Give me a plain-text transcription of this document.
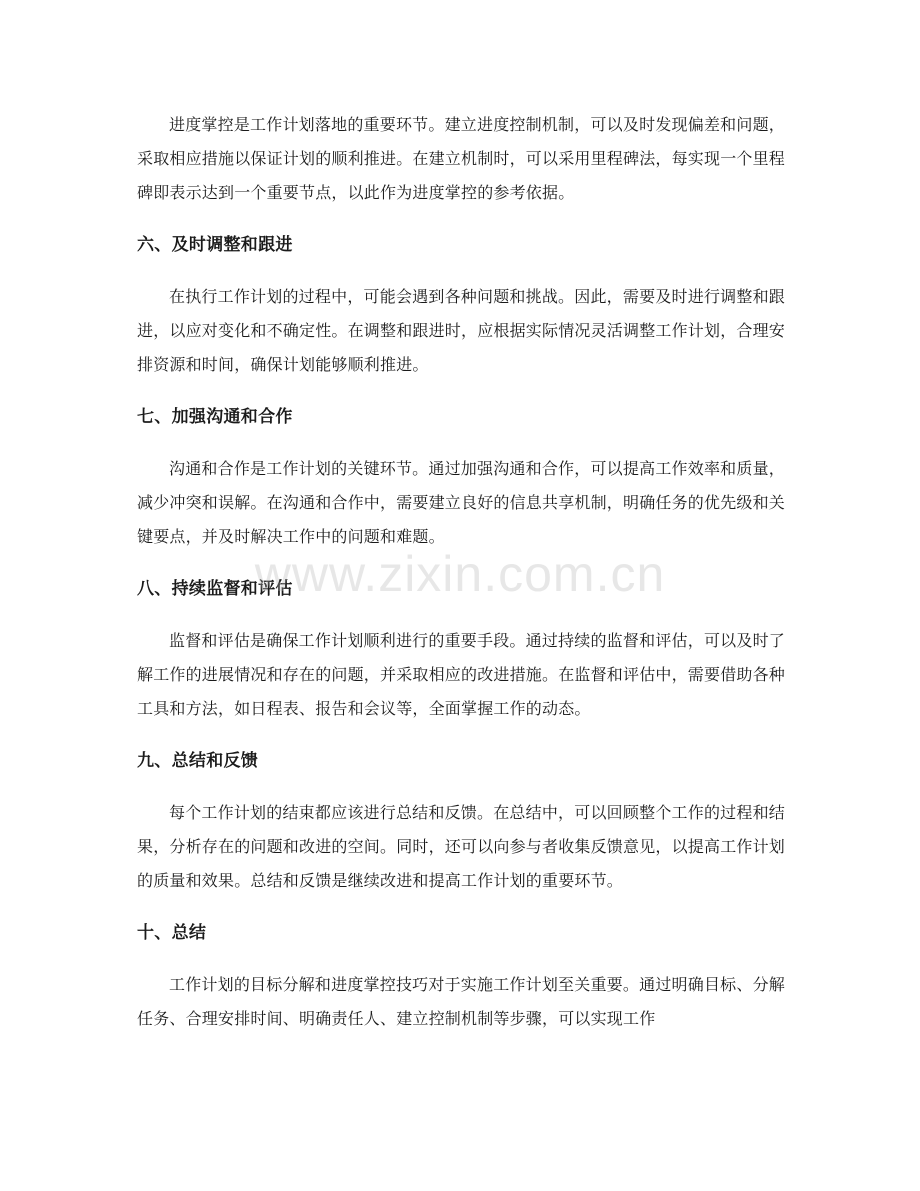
进度掌控是工作计划落地的重要环节。建立进度控制机制，可以及时发现偏差和问题，采取相应措施以保证计划的顺利推进。在建立机制时，可以采用里程碑法，每实现一个里程碑即表示达到一个重要节点，以此作为进度掌控的参考依据。

六、及时调整和跟进

在执行工作计划的过程中，可能会遇到各种问题和挑战。因此，需要及时进行调整和跟进，以应对变化和不确定性。在调整和跟进时，应根据实际情况灵活调整工作计划，合理安排资源和时间，确保计划能够顺利推进。

七、加强沟通和合作

沟通和合作是工作计划的关键环节。通过加强沟通和合作，可以提高工作效率和质量，减少冲突和误解。在沟通和合作中，需要建立良好的信息共享机制，明确任务的优先级和关键要点，并及时解决工作中的问题和难题。

八、持续监督和评估

监督和评估是确保工作计划顺利进行的重要手段。通过持续的监督和评估，可以及时了解工作的进展情况和存在的问题，并采取相应的改进措施。在监督和评估中，需要借助各种工具和方法，如日程表、报告和会议等，全面掌握工作的动态。

九、总结和反馈

每个工作计划的结束都应该进行总结和反馈。在总结中，可以回顾整个工作的过程和结果，分析存在的问题和改进的空间。同时，还可以向参与者收集反馈意见，以提高工作计划的质量和效果。总结和反馈是继续改进和提高工作计划的重要环节。

十、总结

工作计划的目标分解和进度掌控技巧对于实施工作计划至关重要。通过明确目标、分解任务、合理安排时间、明确责任人、建立控制机制等步骤，可以实现工作

www.zixin.com.cn
